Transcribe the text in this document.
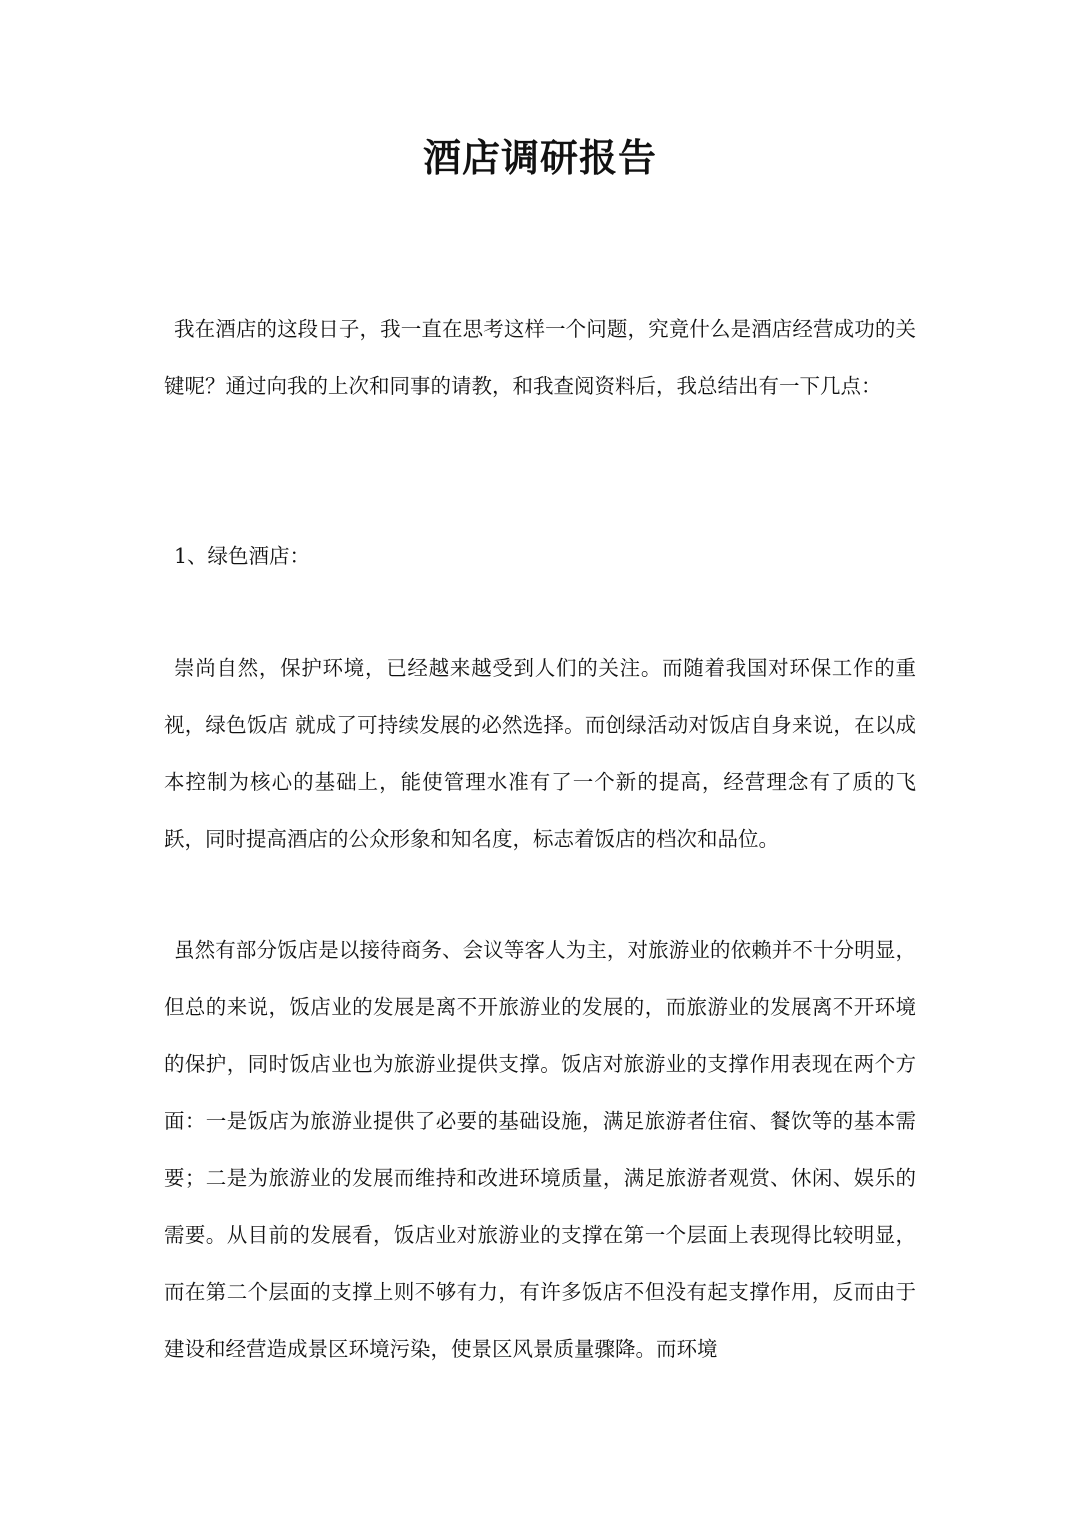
酒店调研报告

我在酒店的这段日子，我一直在思考这样一个问题，究竟什么是酒店经营成功的关键呢？通过向我的上次和同事的请教，和我查阅资料后，我总结出有一下几点：

1、绿色酒店：

崇尚自然，保护环境，已经越来越受到人们的关注。而随着我国对环保工作的重视，绿色饭店 就成了可持续发展的必然选择。而创绿活动对饭店自身来说，在以成本控制为核心的基础上，能使管理水准有了一个新的提高，经营理念有了质的飞跃，同时提高酒店的公众形象和知名度，标志着饭店的档次和品位。

虽然有部分饭店是以接待商务、会议等客人为主，对旅游业的依赖并不十分明显，但总的来说，饭店业的发展是离不开旅游业的发展的，而旅游业的发展离不开环境的保护，同时饭店业也为旅游业提供支撑。饭店对旅游业的支撑作用表现在两个方面：一是饭店为旅游业提供了必要的基础设施，满足旅游者住宿、餐饮等的基本需要；二是为旅游业的发展而维持和改进环境质量，满足旅游者观赏、休闲、娱乐的需要。从目前的发展看，饭店业对旅游业的支撑在第一个层面上表现得比较明显，而在第二个层面的支撑上则不够有力，有许多饭店不但没有起支撑作用，反而由于建设和经营造成景区环境污染，使景区风景质量骤降。而环境
